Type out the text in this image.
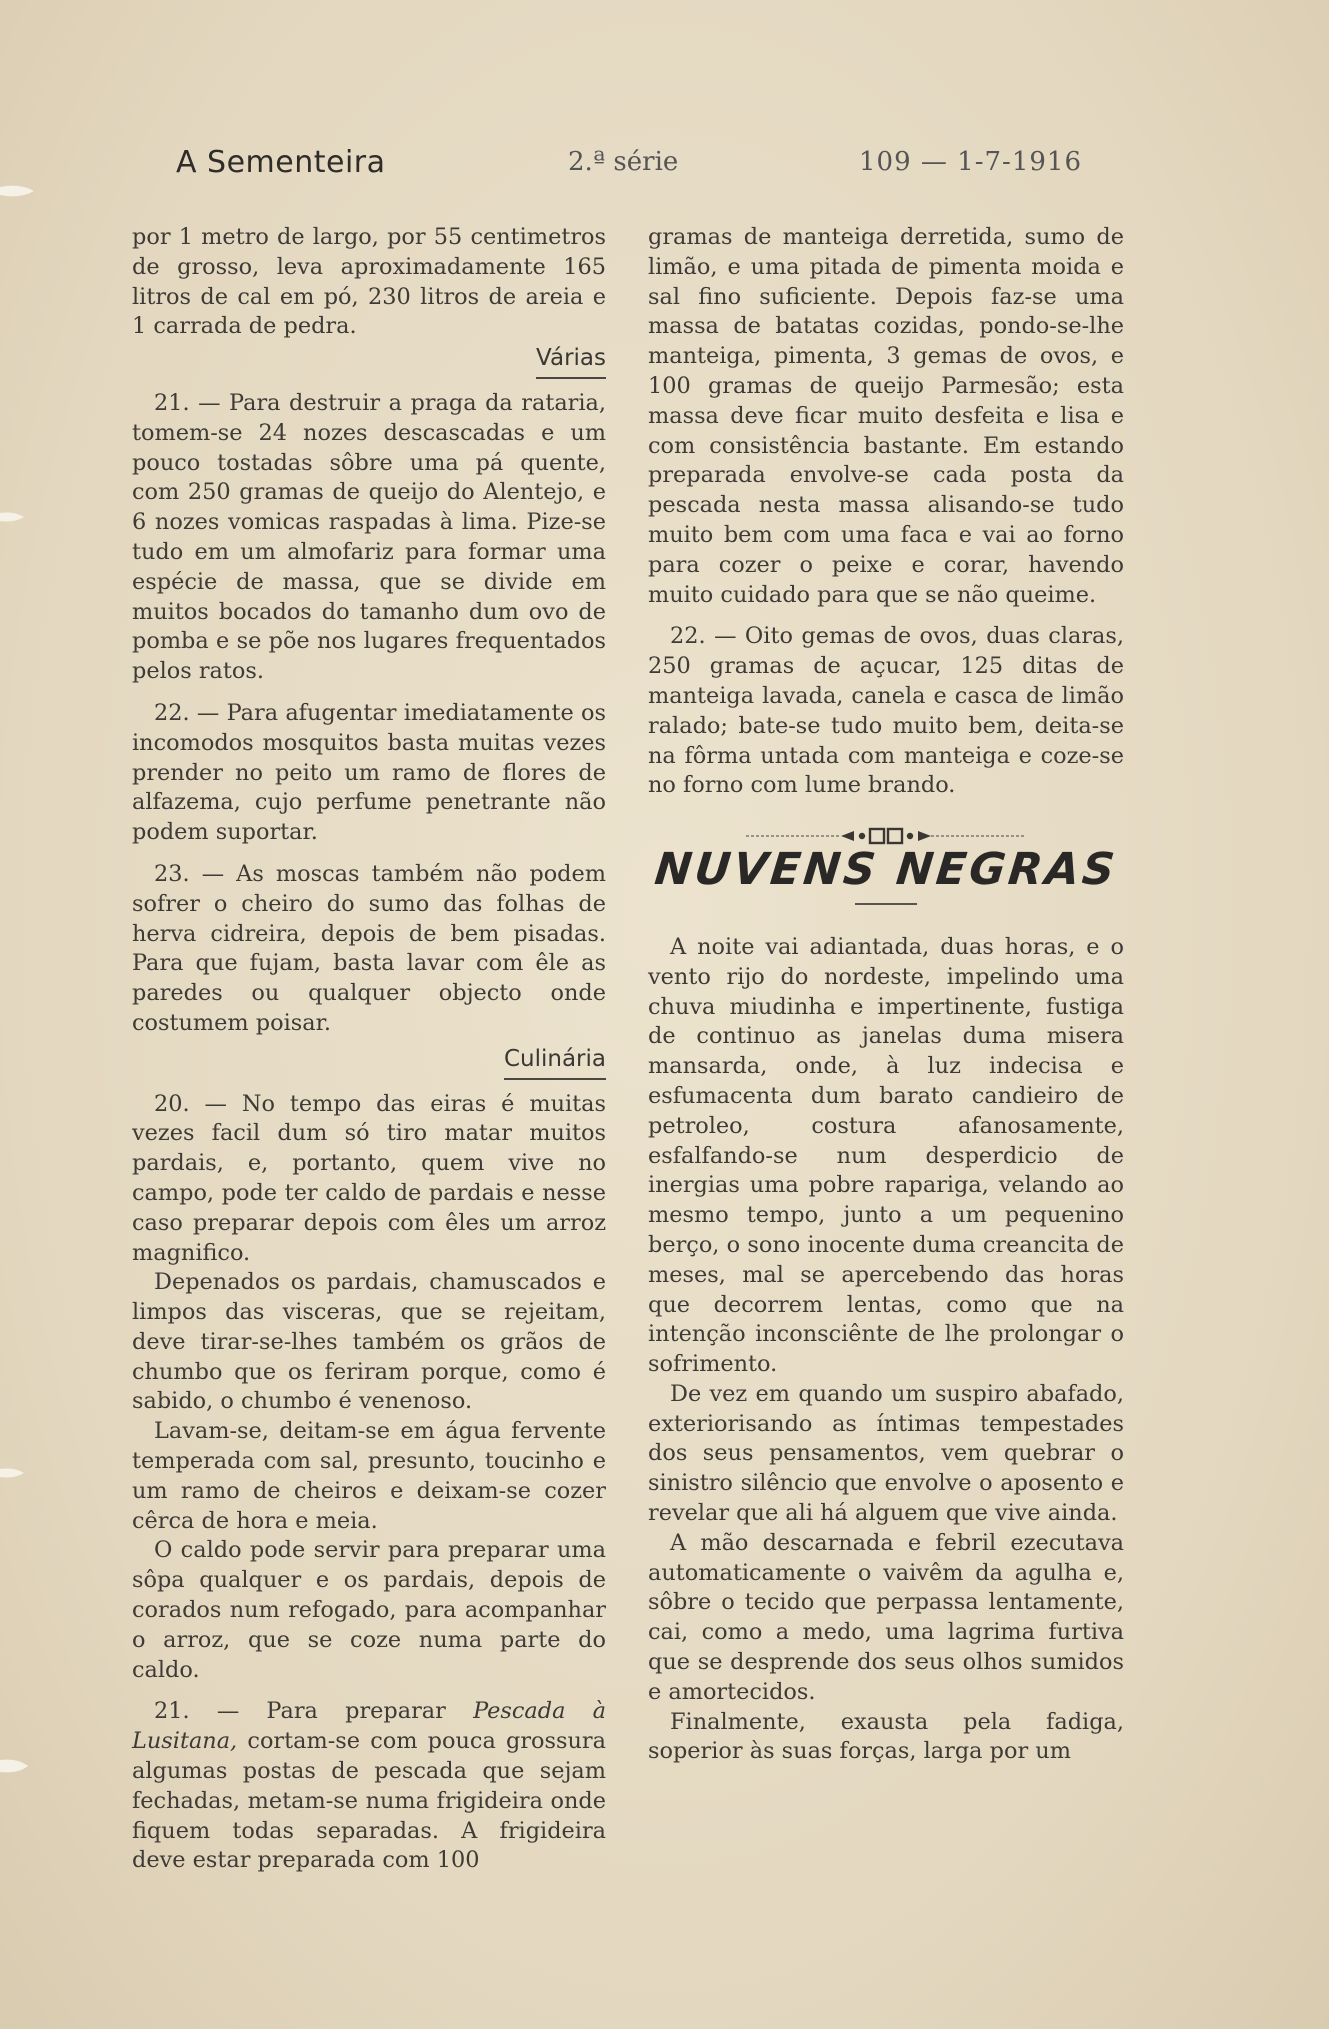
A Sementeira	2.ª série	109 — 1-7-1916

por 1 metro de largo, por 55 centimetros de grosso, leva aproximadamente 165 litros de cal em pó, 230 litros de areia e 1 carrada de pedra.

Várias

21. — Para destruir a praga da rataria, tomem-se 24 nozes descascadas e um pouco tostadas sôbre uma pá quente, com 250 gramas de queijo do Alentejo, e 6 nozes vomicas raspadas à lima. Pize-se tudo em um almofariz para formar uma espécie de massa, que se divide em muitos bocados do tamanho dum ovo de pomba e se põe nos lugares frequentados pelos ratos.

22. — Para afugentar imediatamente os incomodos mosquitos basta muitas vezes prender no peito um ramo de flores de alfazema, cujo perfume penetrante não podem suportar.

23. — As moscas também não podem sofrer o cheiro do sumo das folhas de herva cidreira, depois de bem pisadas. Para que fujam, basta lavar com êle as paredes ou qualquer objecto onde costumem poisar.

Culinária

20. — No tempo das eiras é muitas vezes facil dum só tiro matar muitos pardais, e, portanto, quem vive no campo, pode ter caldo de pardais e nesse caso preparar depois com êles um arroz magnifico.

Depenados os pardais, chamuscados e limpos das visceras, que se rejeitam, deve tirar-se-lhes também os grãos de chumbo que os feriram porque, como é sabido, o chumbo é venenoso.

Lavam-se, deitam-se em água fervente temperada com sal, presunto, toucinho e um ramo de cheiros e deixam-se cozer cêrca de hora e meia.

O caldo pode servir para preparar uma sôpa qualquer e os pardais, depois de corados num refogado, para acompanhar o arroz, que se coze numa parte do caldo.

21. — Para preparar Pescada à Lusitana, cortam-se com pouca grossura algumas postas de pescada que sejam fechadas, metam-se numa frigideira onde fiquem todas separadas. A frigideira deve estar preparada com 100

gramas de manteiga derretida, sumo de limão, e uma pitada de pimenta moida e sal fino suficiente. Depois faz-se uma massa de batatas cozidas, pondo-se-lhe manteiga, pimenta, 3 gemas de ovos, e 100 gramas de queijo Parmesão; esta massa deve ficar muito desfeita e lisa e com consistência bastante. Em estando preparada envolve-se cada posta da pescada nesta massa alisando-se tudo muito bem com uma faca e vai ao forno para cozer o peixe e corar, havendo muito cuidado para que se não queime.

22. — Oito gemas de ovos, duas claras, 250 gramas de açucar, 125 ditas de manteiga lavada, canela e casca de limão ralado; bate-se tudo muito bem, deita-se na fôrma untada com manteiga e coze-se no forno com lume brando.

NUVENS NEGRAS

A noite vai adiantada, duas horas, e o vento rijo do nordeste, impelindo uma chuva miudinha e impertinente, fustiga de continuo as janelas duma misera mansarda, onde, à luz indecisa e esfumacenta dum barato candieiro de petroleo, costura afanosamente, esfalfando-se num desperdicio de inergias uma pobre rapariga, velando ao mesmo tempo, junto a um pequenino berço, o sono inocente duma creancita de meses, mal se apercebendo das horas que decorrem lentas, como que na intenção inconsciênte de lhe prolongar o sofrimento.

De vez em quando um suspiro abafado, exteriorisando as íntimas tempestades dos seus pensamentos, vem quebrar o sinistro silêncio que envolve o aposento e revelar que ali há alguem que vive ainda.

A mão descarnada e febril ezecutava automaticamente o vaivêm da agulha e, sôbre o tecido que perpassa lentamente, cai, como a medo, uma lagrima furtiva que se desprende dos seus olhos sumidos e amortecidos.

Finalmente, exausta pela fadiga, soperior às suas forças, larga por um
